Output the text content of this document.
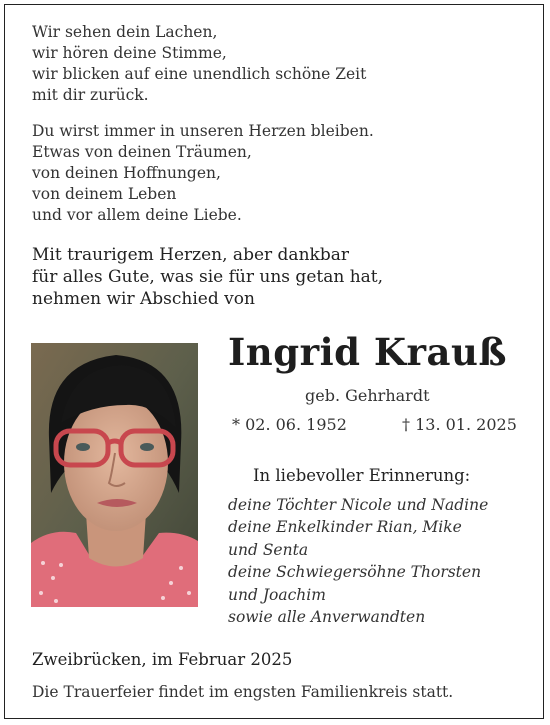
Wir sehen dein Lachen,
wir hören deine Stimme,
wir blicken auf eine unendlich schöne Zeit
mit dir zurück.
Du wirst immer in unseren Herzen bleiben.
Etwas von deinen Träumen,
von deinen Hoffnungen,
von deinem Leben
und vor allem deine Liebe.
Mit traurigem Herzen, aber dankbar
für alles Gute, was sie für uns getan hat,
nehmen wir Abschied von
Ingrid Krauß
geb. Gehrhardt
* 02. 06. 1952	† 13. 01. 2025
In liebevoller Erinnerung:
deine Töchter Nicole und Nadine
deine Enkelkinder Rian, Mike
und Senta
deine Schwiegersöhne Thorsten
und Joachim
sowie alle Anverwandten
Zweibrücken, im Februar 2025
Die Trauerfeier findet im engsten Familienkreis statt.
